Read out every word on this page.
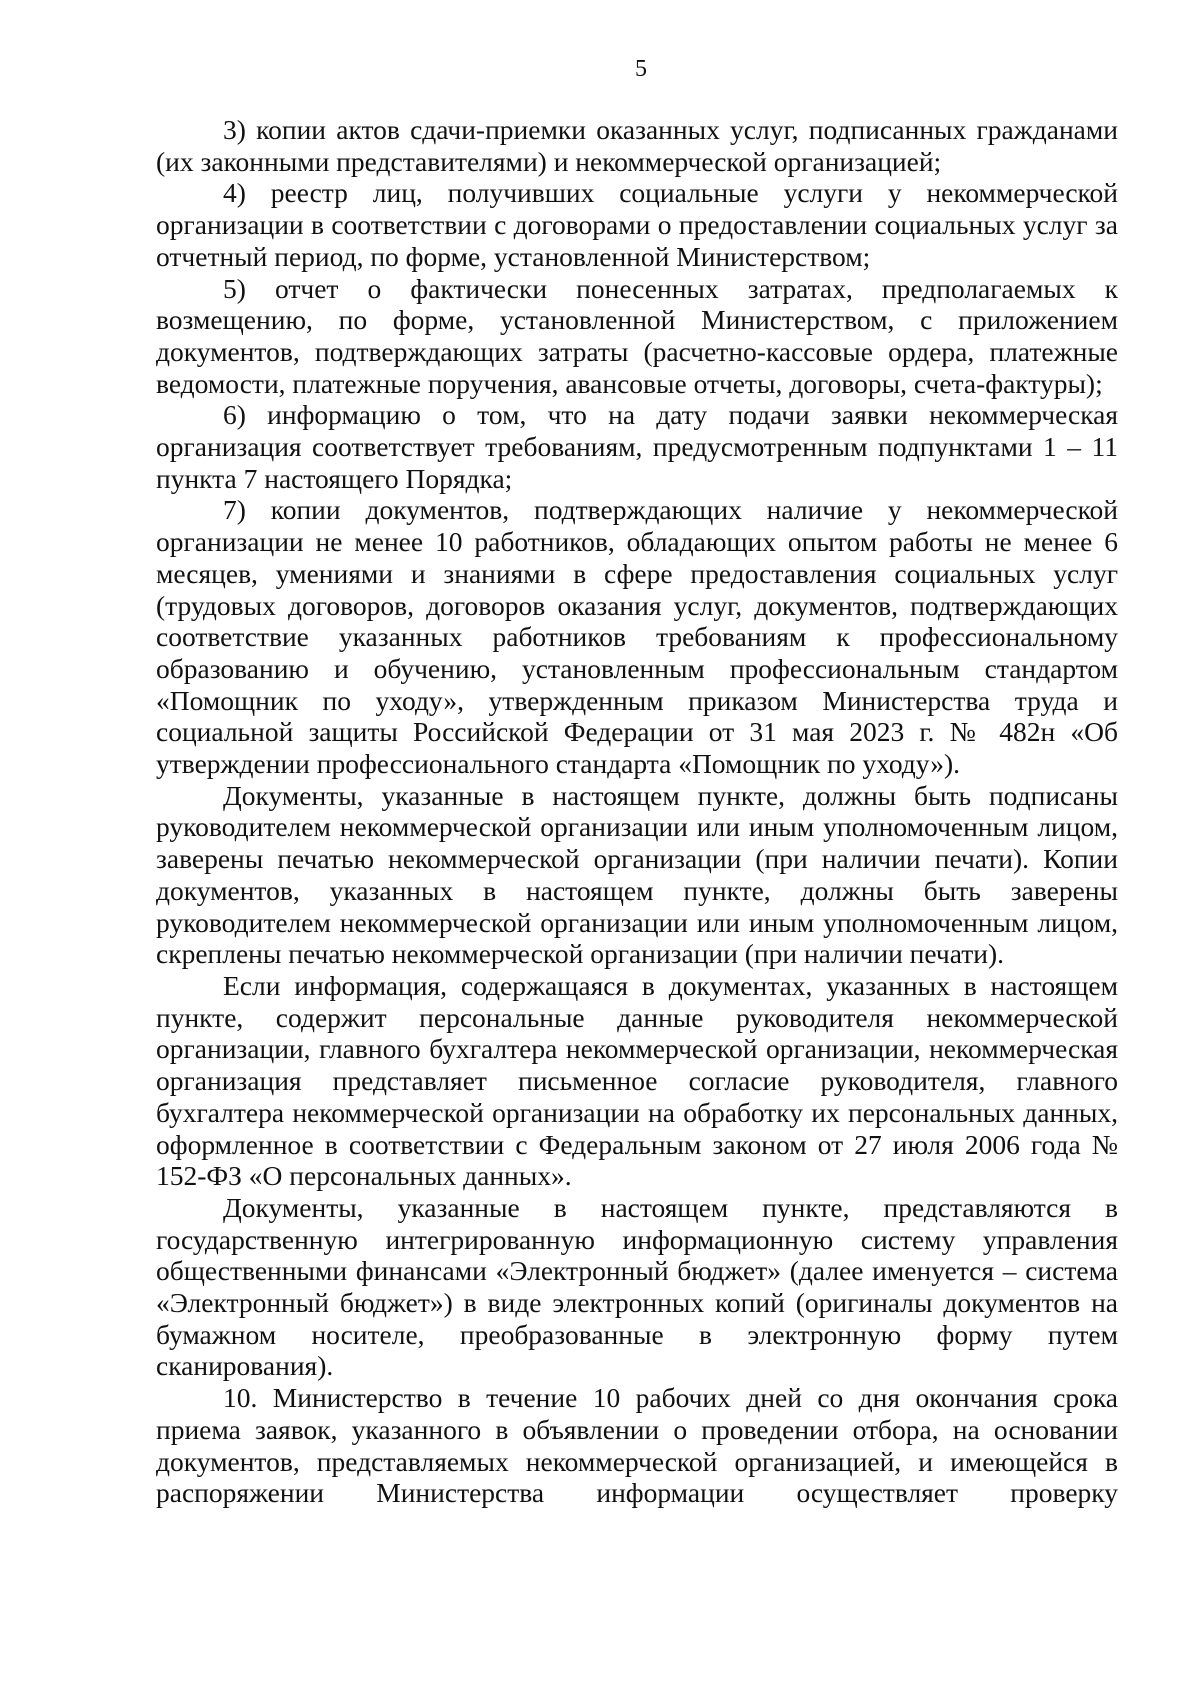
5

3) копии актов сдачи-приемки оказанных услуг, подписанных гражданами (их законными представителями) и некоммерческой организацией;

4) реестр лиц, получивших социальные услуги у некоммерческой организации в соответствии с договорами о предоставлении социальных услуг за отчетный период, по форме, установленной Министерством;

5) отчет о фактически понесенных затратах, предполагаемых к возмещению, по форме, установленной Министерством, с приложением документов, подтверждающих затраты (расчетно-кассовые ордера, платежные ведомости, платежные поручения, авансовые отчеты, договоры, счета-фактуры);

6) информацию о том, что на дату подачи заявки некоммерческая организация соответствует требованиям, предусмотренным подпунктами 1 – 11 пункта 7 настоящего Порядка;

7) копии документов, подтверждающих наличие у некоммерческой организации не менее 10 работников, обладающих опытом работы не менее 6 месяцев, умениями и знаниями в сфере предоставления социальных услуг (трудовых договоров, договоров оказания услуг, документов, подтверждающих соответствие указанных работников требованиям к профессиональному образованию и обучению, установленным профессиональным стандартом «Помощник по уходу», утвержденным приказом Министерства труда и социальной защиты Российской Федерации от 31 мая 2023 г. № 482н «Об утверждении профессионального стандарта «Помощник по уходу»).

Документы, указанные в настоящем пункте, должны быть подписаны руководителем некоммерческой организации или иным уполномоченным лицом, заверены печатью некоммерческой организации (при наличии печати). Копии документов, указанных в настоящем пункте, должны быть заверены руководителем некоммерческой организации или иным уполномоченным лицом, скреплены печатью некоммерческой организации (при наличии печати).

Если информация, содержащаяся в документах, указанных в настоящем пункте, содержит персональные данные руководителя некоммерческой организации, главного бухгалтера некоммерческой организации, некоммерческая организация представляет письменное согласие руководителя, главного бухгалтера некоммерческой организации на обработку их персональных данных, оформленное в соответствии с Федеральным законом от 27 июля 2006 года № 152-ФЗ «О персональных данных».

Документы, указанные в настоящем пункте, представляются в государственную интегрированную информационную систему управления общественными финансами «Электронный бюджет» (далее именуется – система «Электронный бюджет») в виде электронных копий (оригиналы документов на бумажном носителе, преобразованные в электронную форму путем сканирования).

10. Министерство в течение 10 рабочих дней со дня окончания срока приема заявок, указанного в объявлении о проведении отбора, на основании документов, представляемых некоммерческой организацией, и имеющейся в распоряжении Министерства информации осуществляет проверку
